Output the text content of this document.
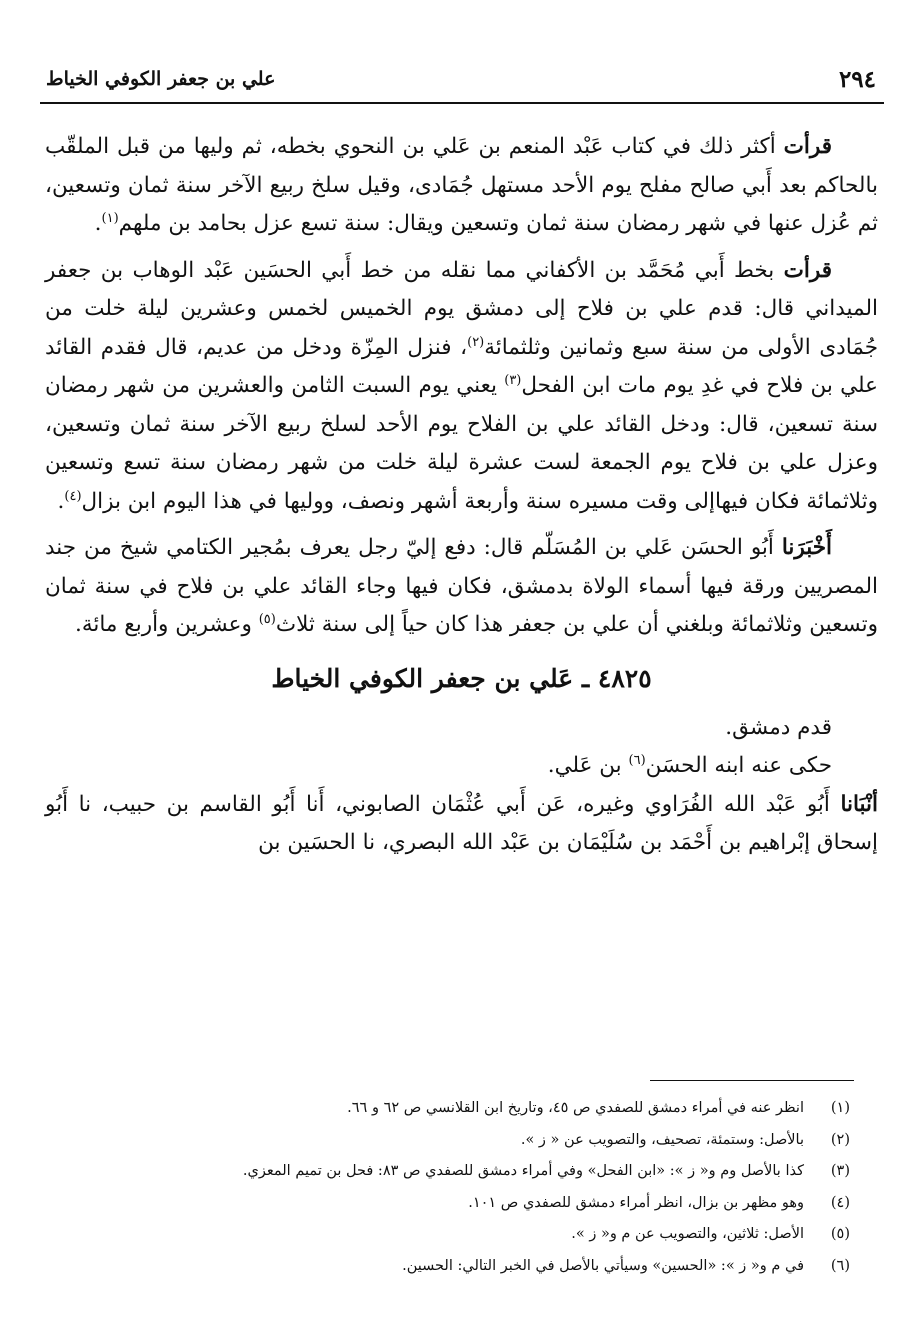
٢٩٤
علي بن جعفر الكوفي الخياط

قرأت أكثر ذلك في كتاب عَبْد المنعم بن عَلي بن النحوي بخطه، ثم وليها من قبل الملقّب بالحاكم بعد أَبي صالح مفلح يوم الأحد مستهل جُمَادى، وقيل سلخ ربيع الآخر سنة ثمان وتسعين، ثم عُزل عنها في شهر رمضان سنة ثمان وتسعين ويقال: سنة تسع عزل بحامد بن ملهم$^{(١)}$.

قرأت بخط أَبي مُحَمَّد بن الأكفاني مما نقله من خط أَبي الحسَين عَبْد الوهاب بن جعفر الميداني قال: قدم علي بن فلاح إلى دمشق يوم الخميس لخمس وعشرين ليلة خلت من جُمَادى الأولى من سنة سبع وثمانين وثلثمائة$^{(٢)}$، فنزل المِزّة ودخل من عديم، قال فقدم القائد علي بن فلاح في غدِ يوم مات ابن الفحل$^{(٣)}$ يعني يوم السبت الثامن والعشرين من شهر رمضان سنة تسعين، قال: ودخل القائد علي بن الفلاح يوم الأحد لسلخ ربيع الآخر سنة ثمان وتسعين، وعزل علي بن فلاح يوم الجمعة لست عشرة ليلة خلت من شهر رمضان سنة تسع وتسعين وثلاثمائة فكان فيهاإلى وقت مسيره سنة وأربعة أشهر ونصف، ووليها في هذا اليوم ابن بزال$^{(٤)}$.

أَخْبَرَنا أَبُو الحسَن عَلي بن المُسَلّم قال: دفع إليّ رجل يعرف بمُجير الكتامي شيخ من جند المصريين ورقة فيها أسماء الولاة بدمشق، فكان فيها وجاء القائد علي بن فلاح في سنة ثمان وتسعين وثلاثمائة وبلغني أن علي بن جعفر هذا كان حياً إلى سنة ثلاث$^{(٥)}$ وعشرين وأربع مائة.

٤٨٢٥ ـ عَلي بن جعفر الكوفي الخياط

قدم دمشق.

حكى عنه ابنه الحسَن$^{(٦)}$ بن عَلي.

أنْبَانا أَبُو عَبْد الله الفُرَاوي وغيره، عَن أَبي عُثْمَان الصابوني، أَنا أَبُو القاسم بن حبيب، نا أَبُو إسحاق إبْراهيم بن أَحْمَد بن سُلَيْمَان بن عَبْد الله البصري، نا الحسَين بن

(١)
انظر عنه في أمراء دمشق للصفدي ص ٤٥، وتاريخ ابن القلانسي ص ٦٢ و ٦٦.
(٢)
بالأصل: وستمئة، تصحيف، والتصويب عن « ز ».
(٣)
كذا بالأصل وم و« ز »: «ابن الفحل» وفي أمراء دمشق للصفدي ص ٨٣: فحل بن تميم المعزي.
(٤)
وهو مظهر بن بزال، انظر أمراء دمشق للصفدي ص ١٠١.
(٥)
الأصل: ثلاثين، والتصويب عن م و« ز ».
(٦)
في م و« ز »: «الحسين» وسيأتي بالأصل في الخبر التالي: الحسين.
